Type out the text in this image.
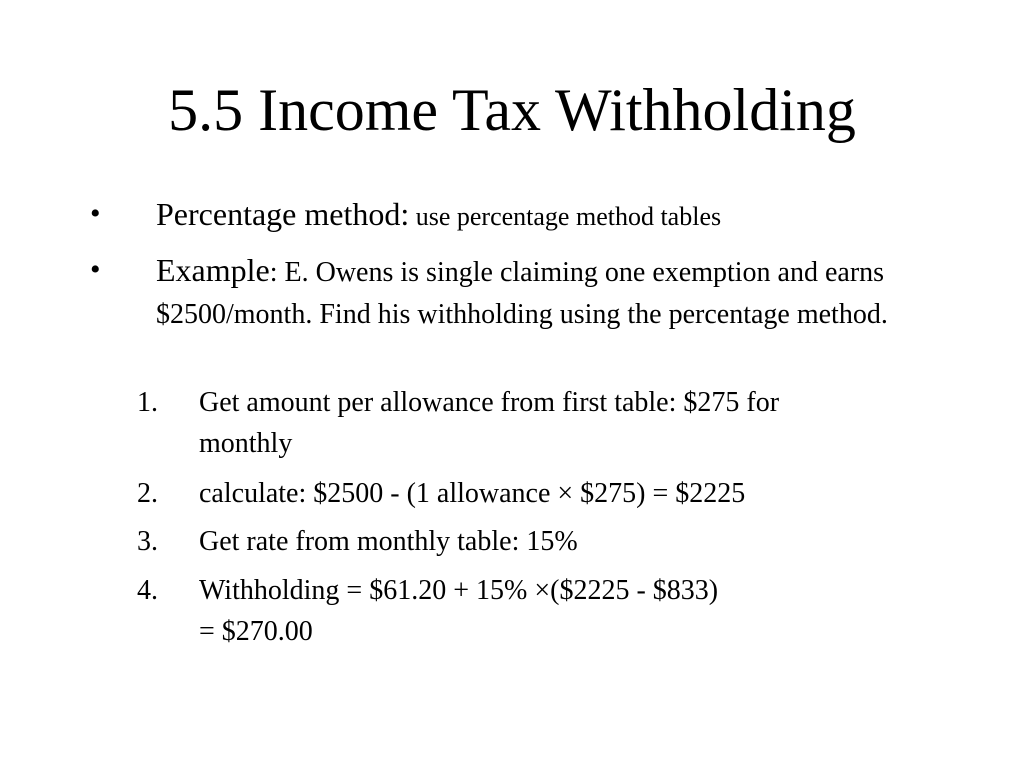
5.5 Income Tax Withholding
• Percentage method: use percentage method tables
• Example: E. Owens is single claiming one exemption and earns $2500/month. Find his withholding using the percentage method.
1. Get amount per allowance from first table: $275 for
monthly
2. calculate: $2500 - (1 allowance × $275) = $2225
3. Get rate from monthly table: 15%
4. Withholding = $61.20 + 15% ×($2225 - $833)
= $270.00
